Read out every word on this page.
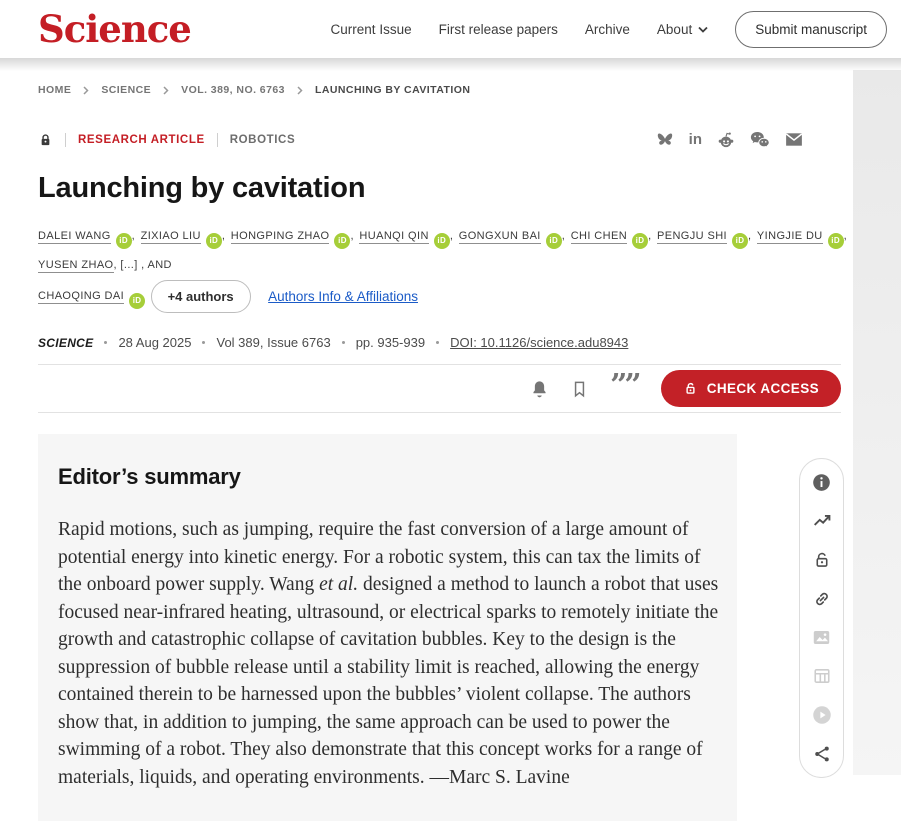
Science	Current Issue First release papers Archive About	Submit manuscript
HOME	SCIENCE	VOL. 389, NO. 6763	LAUNCHING BY CAVITATION
RESEARCH ARTICLE ROBOTICS	in
Launching by cavitation
DALEI WANG iD , ZIXIAO LIU iD , HONGPING ZHAO iD , HUANQI QIN iD , GONGXUN BAI iD , CHI CHEN iD , PENGJU SHI iD , YINGJIE DU iD , YUSEN ZHAO, [...] , AND
CHAOQING DAI iD +4 authors	Authors Info & Affiliations
SCIENCE 28 Aug 2025 Vol 389, Issue 6763 pp. 935-939 DOI: 10.1126/science.adu8943
””	CHECK ACCESS
Editor’s summary

Rapid motions, such as jumping, require the fast conversion of a large amount of potential energy into kinetic energy. For a robotic system, this can tax the limits of the onboard power supply. Wang et al. designed a method to launch a robot that uses focused near-infrared heating, ultrasound, or electrical sparks to remotely initiate the growth and catastrophic collapse of cavitation bubbles. Key to the design is the suppression of bubble release until a stability limit is reached, allowing the energy contained therein to be harnessed upon the bubbles’ violent collapse. The authors show that, in addition to jumping, the same approach can be used to power the swimming of a robot. They also demonstrate that this concept works for a range of materials, liquids, and operating environments. —Marc S. Lavine
